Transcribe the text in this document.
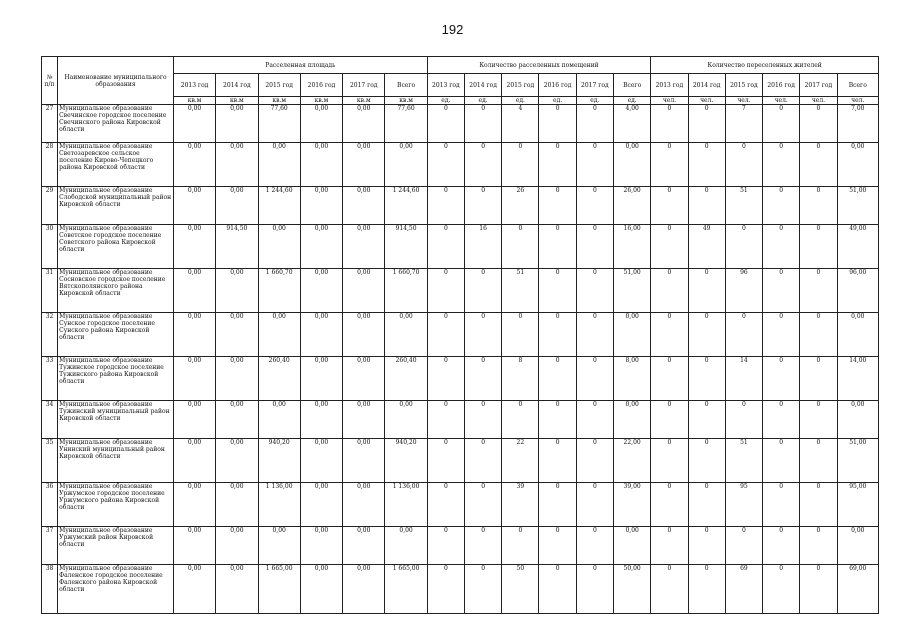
192
№ п/п	Наименование муниципального образования	Расселенная площадь						Количество расселенных помещений						Количество переселенных жителей					
		2013 год	2014 год	2015 год	2016 год	2017 год	Всего	2013 год	2014 год	2015 год	2016 год	2017 год	Всего	2013 год	2014 год	2015 год	2016 год	2017 год	Всего
		кв.м	кв.м	кв.м	кв.м	кв.м	кв.м	ед.	ед.	ед.	ед.	ед.	ед.	чел.	чел.	чел.	чел.	чел.	чел.
27	Муниципальное образование Свечинское городское поселение Свечинского района Кировской области	0,00	0,00	77,60	0,00	0,00	77,60	0	0	4	0	0	4,00	0	0	7	0	0	7,00
28	Муниципальное образование Светозаревское сельское поселение Кирово-Чепецкого района Кировской области	0,00	0,00	0,00	0,00	0,00	0,00	0	0	0	0	0	0,00	0	0	0	0	0	0,00
29	Муниципальное образование Слободской муниципальный район Кировской области	0,00	0,00	1 244,60	0,00	0,00	1 244,60	0	0	26	0	0	26,00	0	0	51	0	0	51,00
30	Муниципальное образование Советское городское поселение Советского района Кировской области	0,00	914,50	0,00	0,00	0,00	914,50	0	16	0	0	0	16,00	0	49	0	0	0	49,00
31	Муниципальное образование Сосновское городское поселение Вятскополянского района Кировской области	0,00	0,00	1 660,70	0,00	0,00	1 660,70	0	0	51	0	0	51,00	0	0	96	0	0	96,00
32	Муниципальное образование Сунское городское поселение Сунского района Кировской области	0,00	0,00	0,00	0,00	0,00	0,00	0	0	0	0	0	0,00	0	0	0	0	0	0,00
33	Муниципальное образование Тужинское городское поселение Тужинского района Кировской области	0,00	0,00	260,40	0,00	0,00	260,40	0	0	8	0	0	8,00	0	0	14	0	0	14,00
34	Муниципальное образование Тужинский муниципальный район Кировской области	0,00	0,00	0,00	0,00	0,00	0,00	0	0	0	0	0	0,00	0	0	0	0	0	0,00
35	Муниципальное образование Унинский муниципальный район Кировской области	0,00	0,00	940,20	0,00	0,00	940,20	0	0	22	0	0	22,00	0	0	51	0	0	51,00
36	Муниципальное образование Уржумское городское поселение Уржумского района Кировской области	0,00	0,00	1 136,00	0,00	0,00	1 136,00	0	0	39	0	0	39,00	0	0	95	0	0	95,00
37	Муниципальное образование Уржумский район Кировской области	0,00	0,00	0,00	0,00	0,00	0,00	0	0	0	0	0	0,00	0	0	0	0	0	0,00
38	Муниципальное образование Фаленское городское поселение Фаленского района Кировской области	0,00	0,00	1 665,00	0,00	0,00	1 665,00	0	0	50	0	0	50,00	0	0	69	0	0	69,00
